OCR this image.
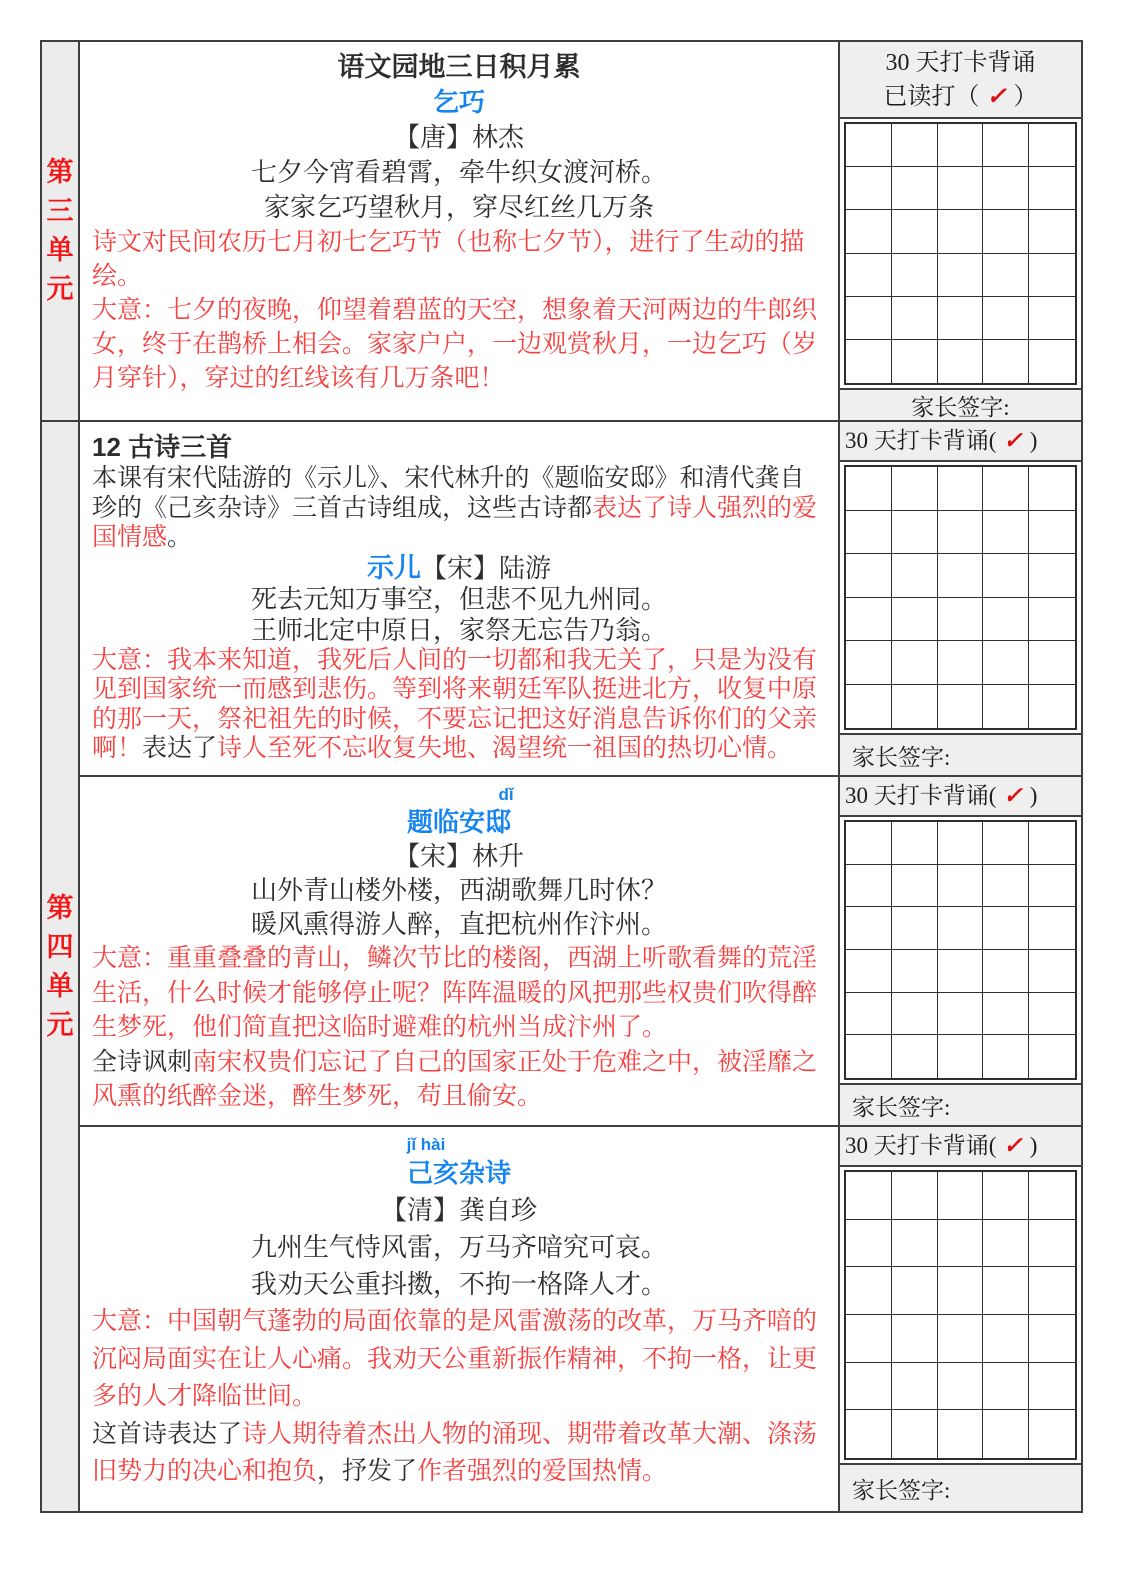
第三单元
第四单元
语文园地三日积月累
乞巧
【唐】林杰
七夕今宵看碧霄，牵牛织女渡河桥。
家家乞巧望秋月，穿尽红丝几万条

诗文对民间农历七月初七乞巧节（也称七夕节），进行了生动的描绘。

大意：七夕的夜晚，仰望着碧蓝的天空，想象着天河两边的牛郎织女，终于在鹊桥上相会。家家户户，一边观赏秋月，一边乞巧（岁月穿针），穿过的红线该有几万条吧！

12 古诗三首

本课有宋代陆游的《示儿》、宋代林升的《题临安邸》和清代龚自珍的《己亥杂诗》三首古诗组成，这些古诗都表达了诗人强烈的爱国情感。

示儿【宋】陆游
死去元知万事空，但悲不见九州同。
王师北定中原日，家祭无忘告乃翁。

大意：我本来知道，我死后人间的一切都和我无关了，只是为没有见到国家统一而感到悲伤。等到将来朝廷军队挺进北方，收复中原的那一天，祭祀祖先的时候，不要忘记把这好消息告诉你们的父亲啊！表达了诗人至死不忘收复失地、渴望统一祖国的热切心情。

dǐ
题临安邸
【宋】林升
山外青山楼外楼，西湖歌舞几时休？
暖风熏得游人醉，直把杭州作汴州。

大意：重重叠叠的青山，鳞次节比的楼阁，西湖上听歌看舞的荒淫生活，什么时候才能够停止呢？阵阵温暖的风把那些权贵们吹得醉生梦死，他们简直把这临时避难的杭州当成汴州了。

全诗讽刺南宋权贵们忘记了自己的国家正处于危难之中，被淫靡之风熏的纸醉金迷，醉生梦死，苟且偷安。

jǐ hài
己亥杂诗
【清】龚自珍
九州生气恃风雷，万马齐喑究可哀。
我劝天公重抖擞，不拘一格降人才。

大意：中国朝气蓬勃的局面依靠的是风雷激荡的改革，万马齐喑的沉闷局面实在让人心痛。我劝天公重新振作精神，不拘一格，让更多的人才降临世间。

这首诗表达了诗人期待着杰出人物的涌现、期带着改革大潮、涤荡旧势力的决心和抱负，抒发了作者强烈的爱国热情。

30 天打卡背诵
已读打（ ✓ ）
家长签字:
30 天打卡背诵( ✓ )
家长签字:
30 天打卡背诵( ✓ )
家长签字:
30 天打卡背诵( ✓ )
家长签字:
